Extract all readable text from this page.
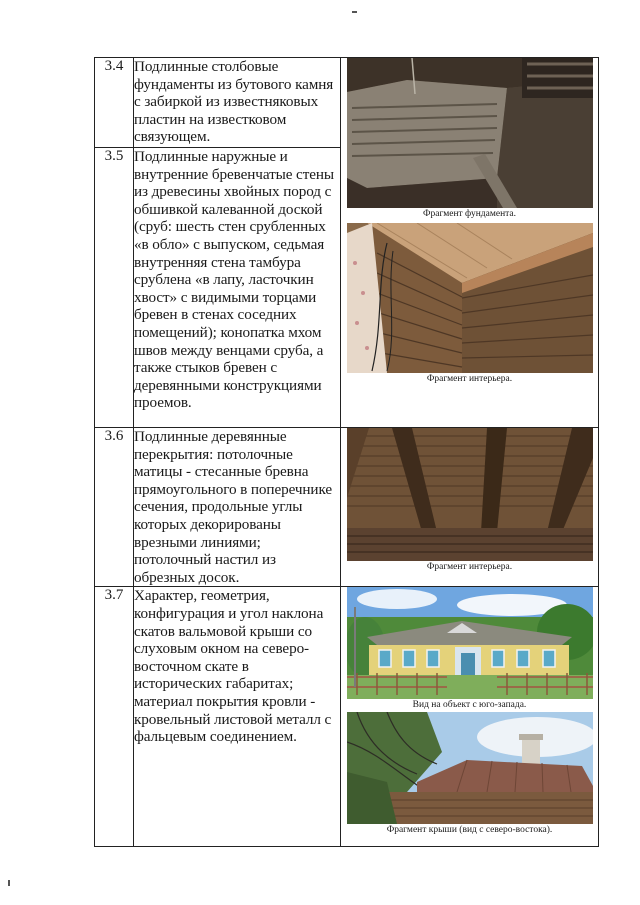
3.4	Подлинные столбовые фундаменты из бутового камня с забиркой из известняковых пластин на известковом связующем.	Фрагмент фундамента.
Фрагмент интерьера.

3.5	Подлинные наружные и внутренние бревенчатые стены из древесины хвойных пород с обшивкой калеванной доской (сруб: шесть стен срубленных «в обло» с выпуском, седьмая внутренняя стена тамбура срублена «в лапу, ласточкин хвост» с видимыми торцами бревен в стенах соседних помещений); конопатка мхом швов между венцами сруба, а также стыков бревен с деревянными конструкциями проемов.	
3.6	Подлинные деревянные перекрытия: потолочные матицы - стесанные бревна прямоугольного в поперечнике сечения, продольные углы которых декорированы врезными линиями; потолочный настил из обрезных досок.	Фрагмент интерьера.

3.7	Характер, геометрия, конфигурация и угол наклона скатов вальмовой крыши со слуховым окном на северо-восточном скате в исторических габаритах; материал покрытия кровли - кровельный листовой металл с фальцевым соединением.	Вид на объект с юго-запада.
Фрагмент крыши (вид с северо-востока).
